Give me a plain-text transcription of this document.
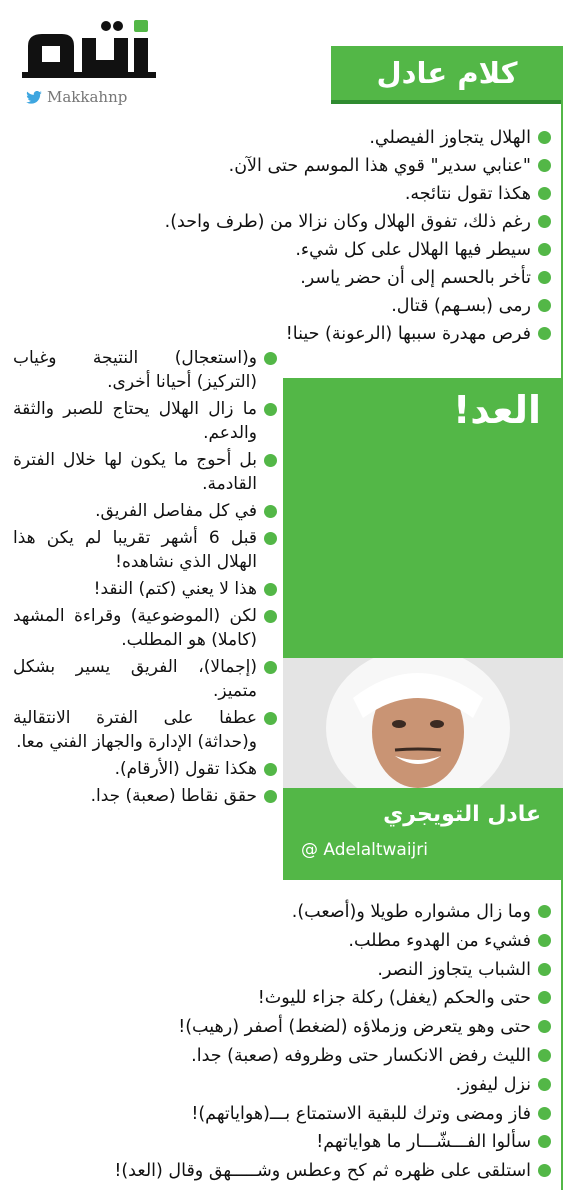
Makkahnp
كلام عادل
الهلال يتجاوز الفيصلي.
"عنابي سدير" قوي هذا الموسم حتى الآن.
هكذا تقول نتائجه.
رغم ذلك، تفوق الهلال وكان نزالا من (طرف واحد).
سيطر فيها الهلال على كل شيء.
تأخر بالحسم إلى أن حضر ياسر.
رمى (بسـهم) قتال.
فرص مهدرة سببها (الرعونة) حينا!
و(استعجال) النتيجة وغياب (التركيز) أحيانا أخرى.
ما زال الهلال يحتاج للصبر والثقة والدعم.
بل أحوج ما يكون لها خلال الفترة القادمة.
في كل مفاصل الفريق.
قبل 6 أشهر تقريبا لم يكن هذا الهلال الذي نشاهده!
هذا لا يعني (كتم) النقد!
لكن (الموضوعية) وقراءة المشهد (كاملا) هو المطلب.
(إجمالا)، الفريق يسير بشكل متميز.
عطفا على الفترة الانتقالية و(حداثة) الإدارة والجهاز الفني معا.
هكذا تقول (الأرقام).
حقق نقاطا (صعبة) جدا.
العد!
عادل التويجري
@ Adelaltwaijri
وما زال مشواره طويلا و(أصعب).
فشيء من الهدوء مطلب.
الشباب يتجاوز النصر.
حتى والحكم (يغفل) ركلة جزاء لليوث!
حتى وهو يتعرض وزملاؤه (لضغط) أصفر (رهيب)!
الليث رفض الانكسار حتى وظروفه (صعبة) جدا.
نزل ليفوز.
فاز ومضى وترك للبقية الاستمتاع بـــ(هواياتهم)!
سألوا الفـــشّـــار ما هواياتهم!
استلقى على ظهره ثم كح وعطس وشـــــهق وقال (العد)!
